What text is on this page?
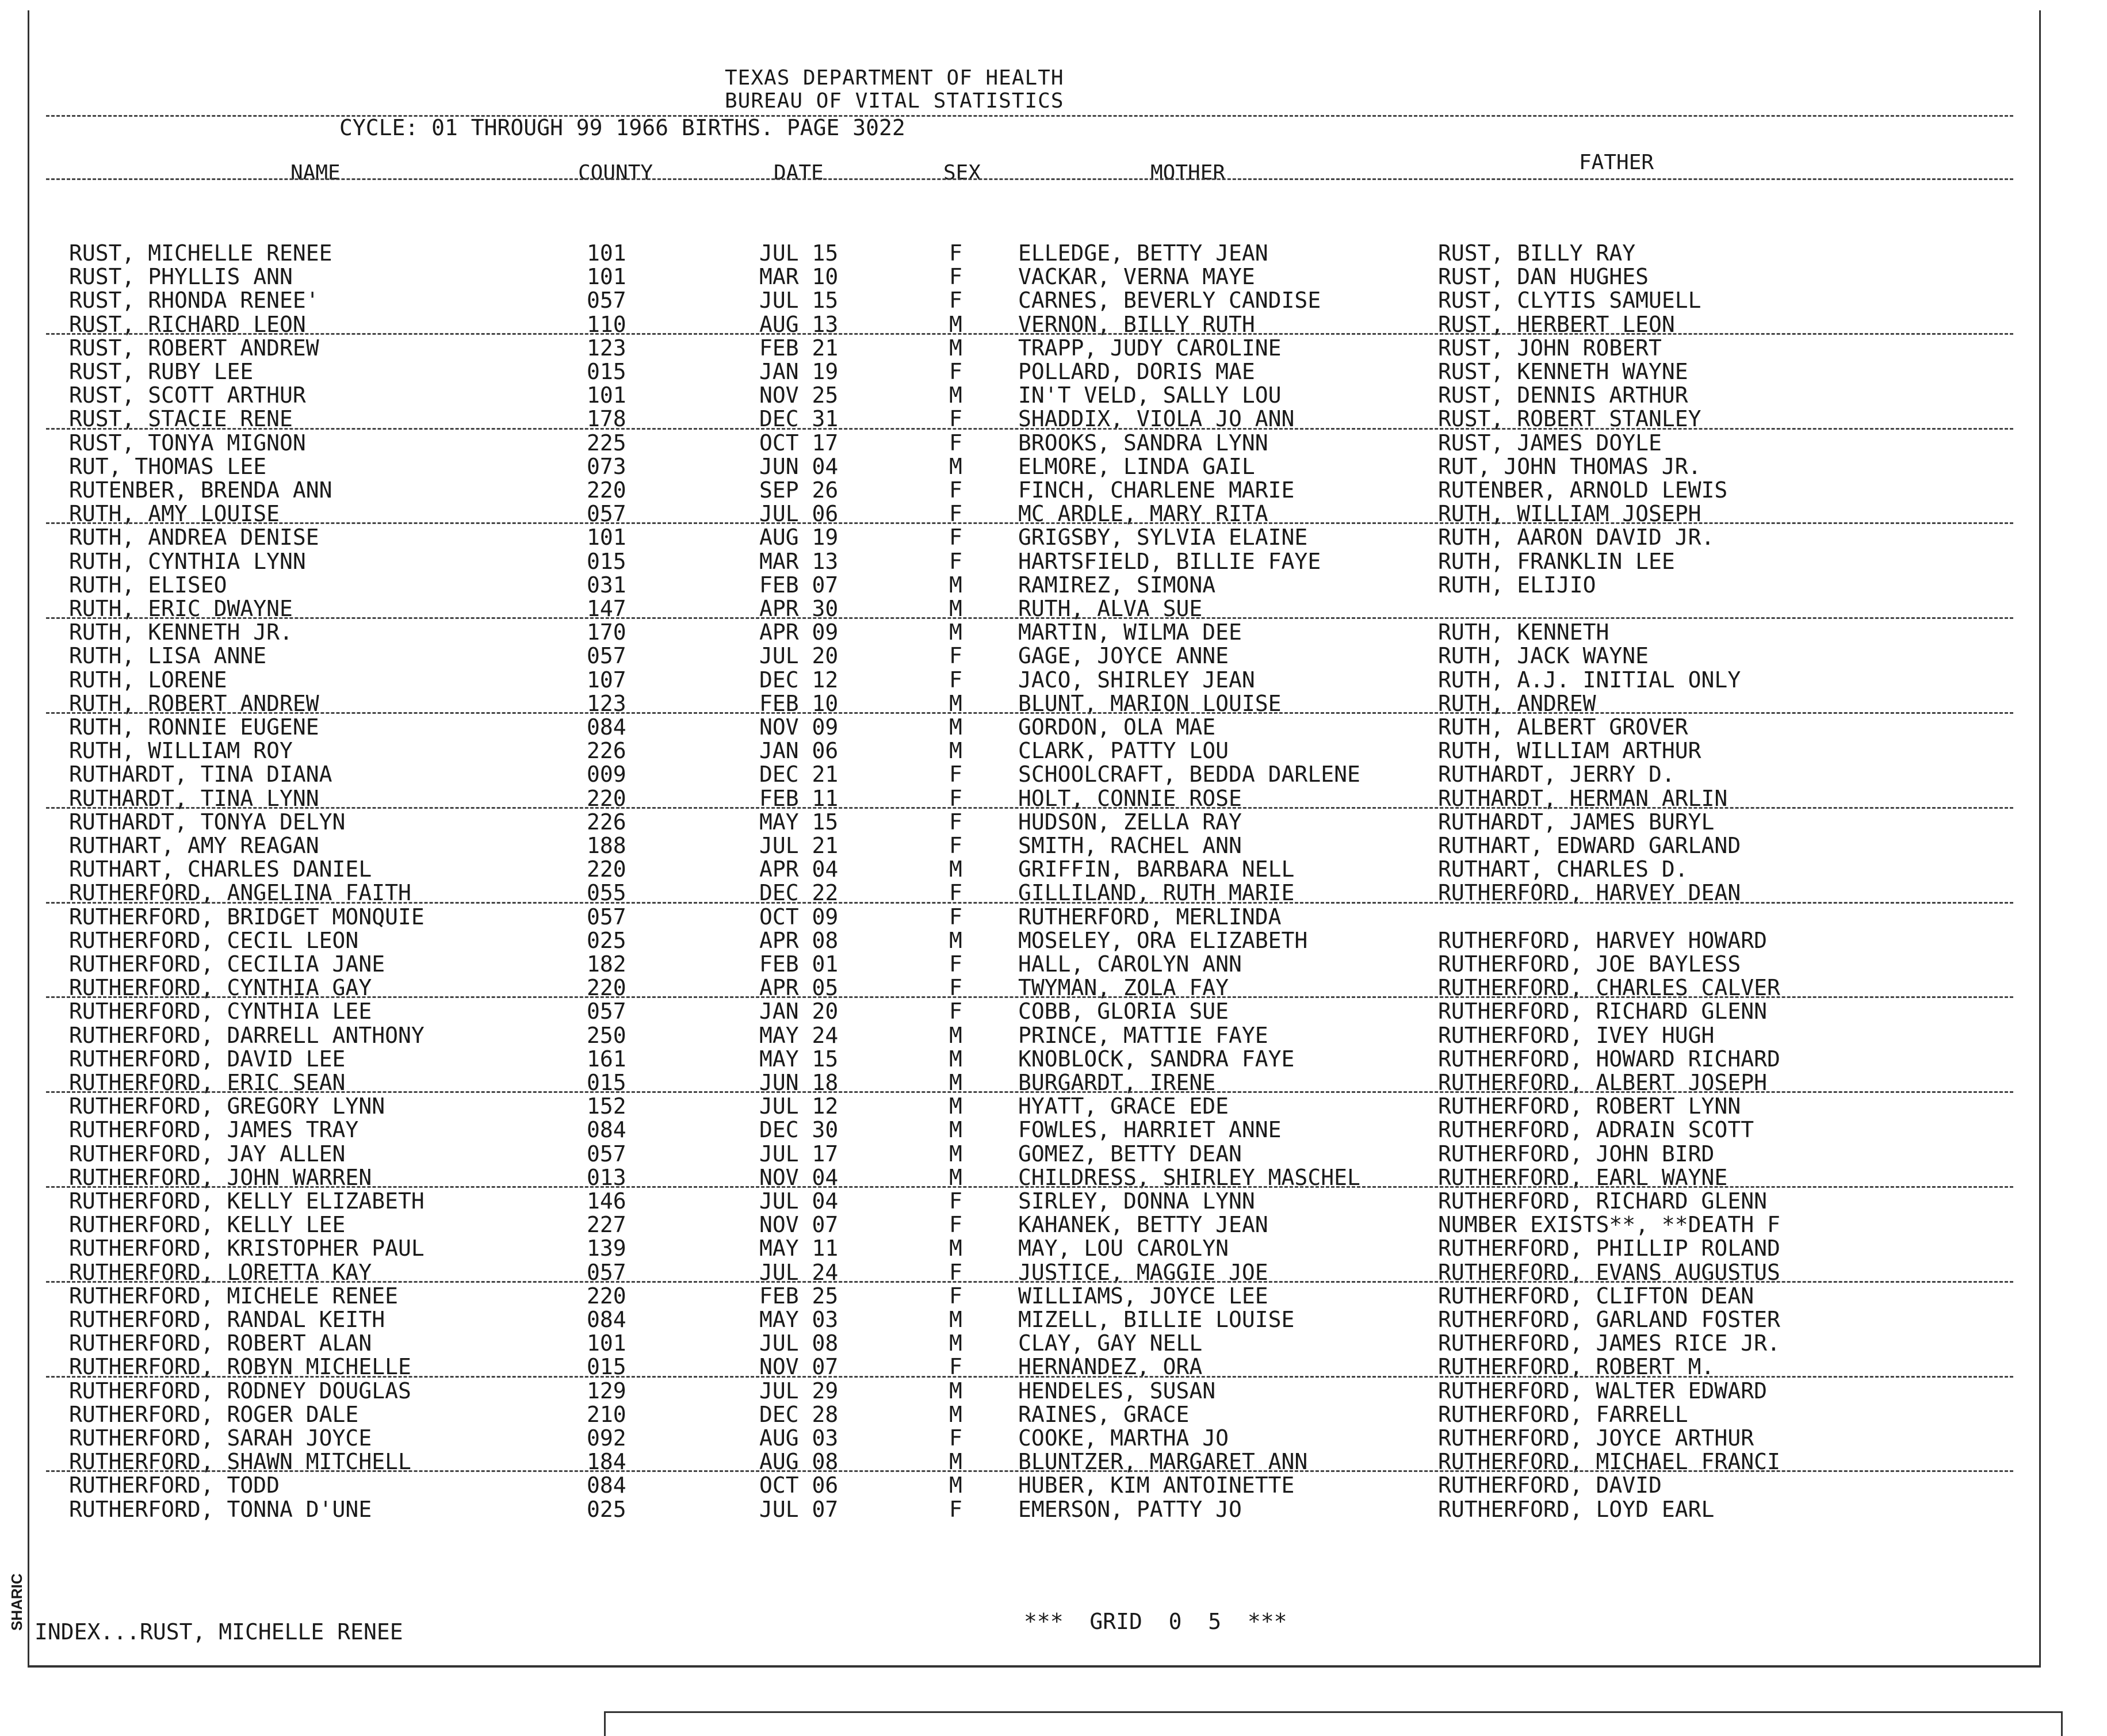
TEXAS DEPARTMENT OF HEALTH
BUREAU OF VITAL STATISTICS
CYCLE: 01 THROUGH 99 1966 BIRTHS. PAGE 3022
NAME	COUNTY	DATE	SEX	MOTHER	FATHER
RUST, MICHELLE RENEE	101	JUL 15	F	ELLEDGE, BETTY JEAN	RUST, BILLY RAY
RUST, PHYLLIS ANN	101	MAR 10	F	VACKAR, VERNA MAYE	RUST, DAN HUGHES
RUST, RHONDA RENEE'	057	JUL 15	F	CARNES, BEVERLY CANDISE	RUST, CLYTIS SAMUELL
RUST, RICHARD LEON	110	AUG 13	M	VERNON, BILLY RUTH	RUST, HERBERT LEON
RUST, ROBERT ANDREW	123	FEB 21	M	TRAPP, JUDY CAROLINE	RUST, JOHN ROBERT
RUST, RUBY LEE	015	JAN 19	F	POLLARD, DORIS MAE	RUST, KENNETH WAYNE
RUST, SCOTT ARTHUR	101	NOV 25	M	IN'T VELD, SALLY LOU	RUST, DENNIS ARTHUR
RUST, STACIE RENE	178	DEC 31	F	SHADDIX, VIOLA JO ANN	RUST, ROBERT STANLEY
RUST, TONYA MIGNON	225	OCT 17	F	BROOKS, SANDRA LYNN	RUST, JAMES DOYLE
RUT, THOMAS LEE	073	JUN 04	M	ELMORE, LINDA GAIL	RUT, JOHN THOMAS JR.
RUTENBER, BRENDA ANN	220	SEP 26	F	FINCH, CHARLENE MARIE	RUTENBER, ARNOLD LEWIS
RUTH, AMY LOUISE	057	JUL 06	F	MC ARDLE, MARY RITA	RUTH, WILLIAM JOSEPH
RUTH, ANDREA DENISE	101	AUG 19	F	GRIGSBY, SYLVIA ELAINE	RUTH, AARON DAVID JR.
RUTH, CYNTHIA LYNN	015	MAR 13	F	HARTSFIELD, BILLIE FAYE	RUTH, FRANKLIN LEE
RUTH, ELISEO	031	FEB 07	M	RAMIREZ, SIMONA	RUTH, ELIJIO
RUTH, ERIC DWAYNE	147	APR 30	M	RUTH, ALVA SUE
RUTH, KENNETH JR.	170	APR 09	M	MARTIN, WILMA DEE	RUTH, KENNETH
RUTH, LISA ANNE	057	JUL 20	F	GAGE, JOYCE ANNE	RUTH, JACK WAYNE
RUTH, LORENE	107	DEC 12	F	JACO, SHIRLEY JEAN	RUTH, A.J. INITIAL ONLY
RUTH, ROBERT ANDREW	123	FEB 10	M	BLUNT, MARION LOUISE	RUTH, ANDREW
RUTH, RONNIE EUGENE	084	NOV 09	M	GORDON, OLA MAE	RUTH, ALBERT GROVER
RUTH, WILLIAM ROY	226	JAN 06	M	CLARK, PATTY LOU	RUTH, WILLIAM ARTHUR
RUTHARDT, TINA DIANA	009	DEC 21	F	SCHOOLCRAFT, BEDDA DARLENE	RUTHARDT, JERRY D.
RUTHARDT, TINA LYNN	220	FEB 11	F	HOLT, CONNIE ROSE	RUTHARDT, HERMAN ARLIN
RUTHARDT, TONYA DELYN	226	MAY 15	F	HUDSON, ZELLA RAY	RUTHARDT, JAMES BURYL
RUTHART, AMY REAGAN	188	JUL 21	F	SMITH, RACHEL ANN	RUTHART, EDWARD GARLAND
RUTHART, CHARLES DANIEL	220	APR 04	M	GRIFFIN, BARBARA NELL	RUTHART, CHARLES D.
RUTHERFORD, ANGELINA FAITH	055	DEC 22	F	GILLILAND, RUTH MARIE	RUTHERFORD, HARVEY DEAN
RUTHERFORD, BRIDGET MONQUIE	057	OCT 09	F	RUTHERFORD, MERLINDA
RUTHERFORD, CECIL LEON	025	APR 08	M	MOSELEY, ORA ELIZABETH	RUTHERFORD, HARVEY HOWARD
RUTHERFORD, CECILIA JANE	182	FEB 01	F	HALL, CAROLYN ANN	RUTHERFORD, JOE BAYLESS
RUTHERFORD, CYNTHIA GAY	220	APR 05	F	TWYMAN, ZOLA FAY	RUTHERFORD, CHARLES CALVER
RUTHERFORD, CYNTHIA LEE	057	JAN 20	F	COBB, GLORIA SUE	RUTHERFORD, RICHARD GLENN
RUTHERFORD, DARRELL ANTHONY	250	MAY 24	M	PRINCE, MATTIE FAYE	RUTHERFORD, IVEY HUGH
RUTHERFORD, DAVID LEE	161	MAY 15	M	KNOBLOCK, SANDRA FAYE	RUTHERFORD, HOWARD RICHARD
RUTHERFORD, ERIC SEAN	015	JUN 18	M	BURGARDT, IRENE	RUTHERFORD, ALBERT JOSEPH
RUTHERFORD, GREGORY LYNN	152	JUL 12	M	HYATT, GRACE EDE	RUTHERFORD, ROBERT LYNN
RUTHERFORD, JAMES TRAY	084	DEC 30	M	FOWLES, HARRIET ANNE	RUTHERFORD, ADRAIN SCOTT
RUTHERFORD, JAY ALLEN	057	JUL 17	M	GOMEZ, BETTY DEAN	RUTHERFORD, JOHN BIRD
RUTHERFORD, JOHN WARREN	013	NOV 04	M	CHILDRESS, SHIRLEY MASCHEL	RUTHERFORD, EARL WAYNE
RUTHERFORD, KELLY ELIZABETH	146	JUL 04	F	SIRLEY, DONNA LYNN	RUTHERFORD, RICHARD GLENN
RUTHERFORD, KELLY LEE	227	NOV 07	F	KAHANEK, BETTY JEAN	NUMBER EXISTS**, **DEATH F
RUTHERFORD, KRISTOPHER PAUL	139	MAY 11	M	MAY, LOU CAROLYN	RUTHERFORD, PHILLIP ROLAND
RUTHERFORD, LORETTA KAY	057	JUL 24	F	JUSTICE, MAGGIE JOE	RUTHERFORD, EVANS AUGUSTUS
RUTHERFORD, MICHELE RENEE	220	FEB 25	F	WILLIAMS, JOYCE LEE	RUTHERFORD, CLIFTON DEAN
RUTHERFORD, RANDAL KEITH	084	MAY 03	M	MIZELL, BILLIE LOUISE	RUTHERFORD, GARLAND FOSTER
RUTHERFORD, ROBERT ALAN	101	JUL 08	M	CLAY, GAY NELL	RUTHERFORD, JAMES RICE JR.
RUTHERFORD, ROBYN MICHELLE	015	NOV 07	F	HERNANDEZ, ORA	RUTHERFORD, ROBERT M.
RUTHERFORD, RODNEY DOUGLAS	129	JUL 29	M	HENDELES, SUSAN	RUTHERFORD, WALTER EDWARD
RUTHERFORD, ROGER DALE	210	DEC 28	M	RAINES, GRACE	RUTHERFORD, FARRELL
RUTHERFORD, SARAH JOYCE	092	AUG 03	F	COOKE, MARTHA JO	RUTHERFORD, JOYCE ARTHUR
RUTHERFORD, SHAWN MITCHELL	184	AUG 08	M	BLUNTZER, MARGARET ANN	RUTHERFORD, MICHAEL FRANCI
RUTHERFORD, TODD	084	OCT 06	M	HUBER, KIM ANTOINETTE	RUTHERFORD, DAVID
RUTHERFORD, TONNA D'UNE	025	JUL 07	F	EMERSON, PATTY JO	RUTHERFORD, LOYD EARL
INDEX...RUST, MICHELLE RENEE	***  GRID  0  5  ***
SHARIC
